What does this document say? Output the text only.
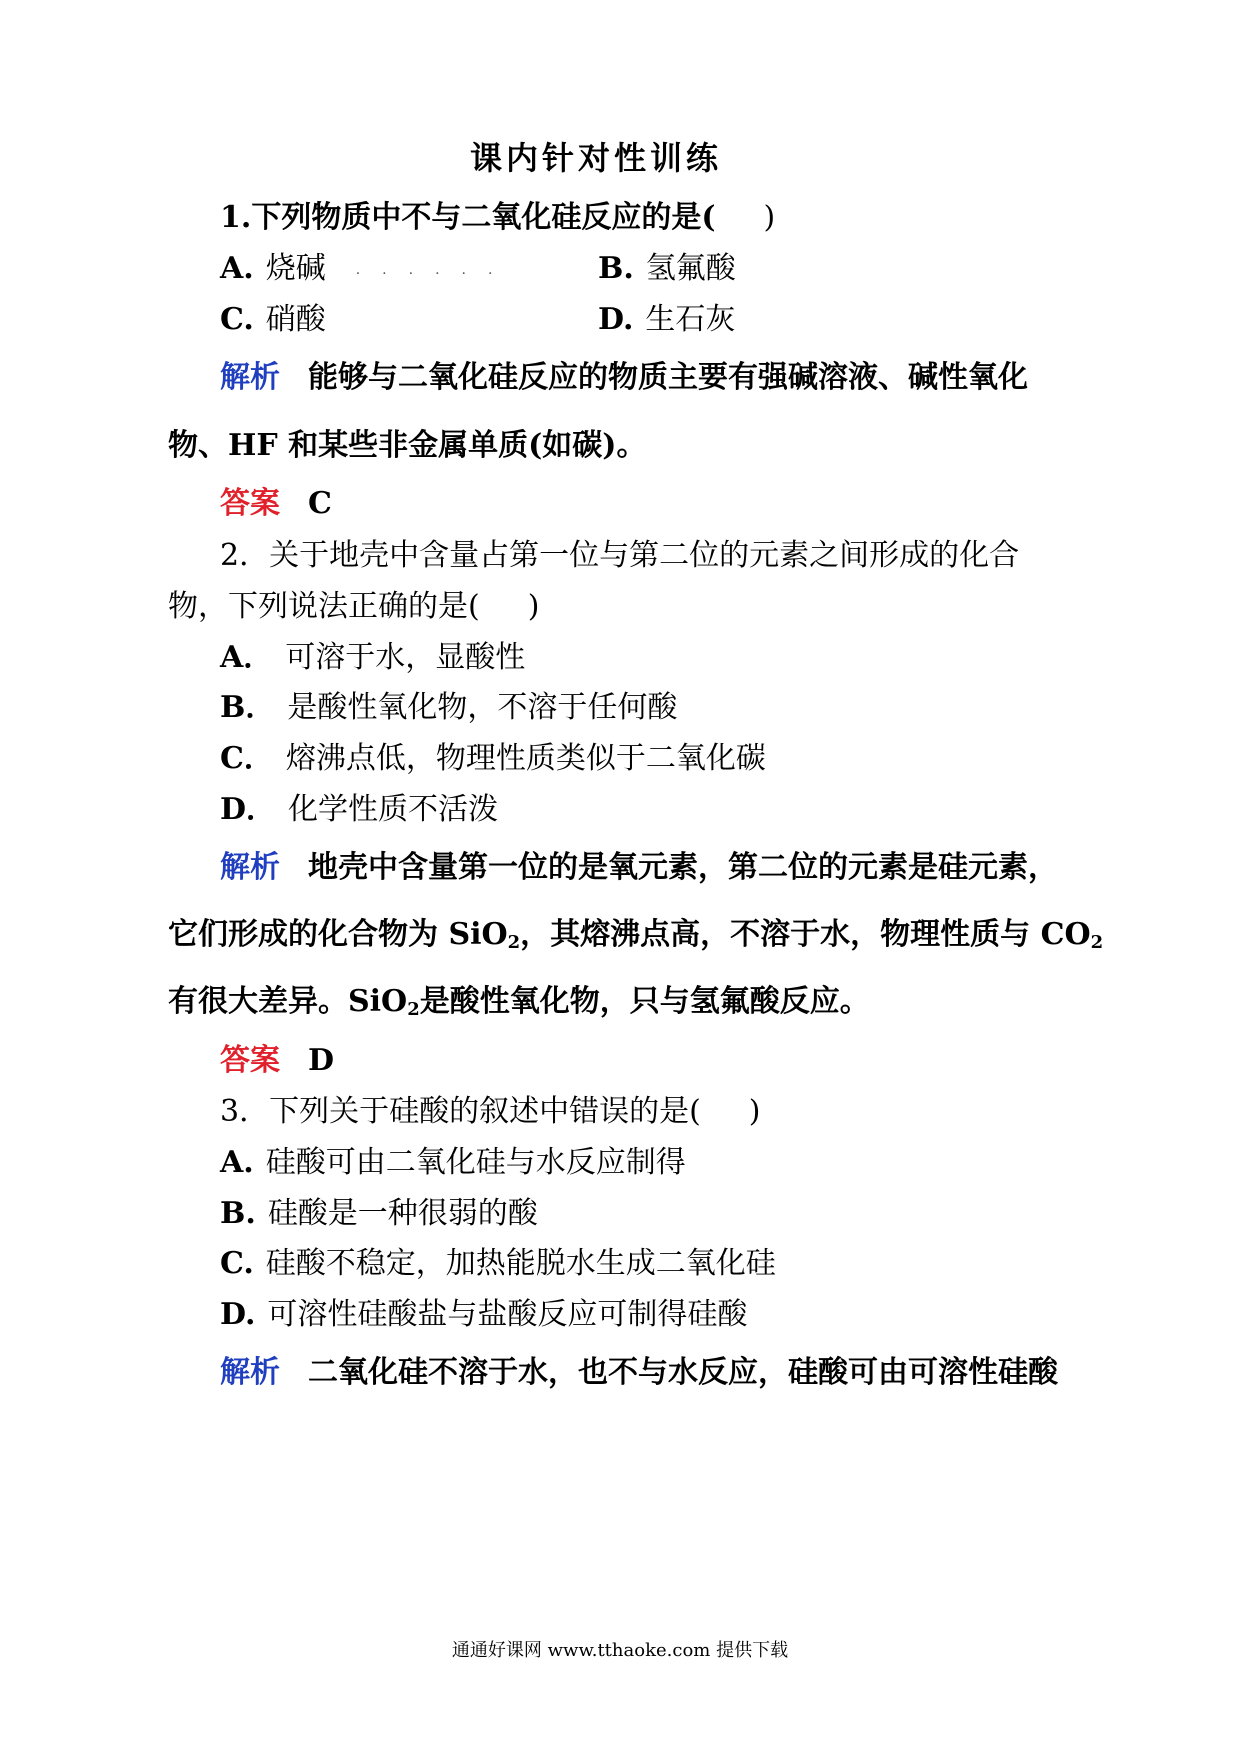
课内针对性训练
1.下列物质中不与二氧化硅反应的是( )
A. 烧碱 ......	B. 氢氟酸
C. 硝酸	D. 生石灰
解析 能够与二氧化硅反应的物质主要有强碱溶液、碱性氧化
物、HF 和某些非金属单质(如碳)。
答案 C
2．关于地壳中含量占第一位与第二位的元素之间形成的化合
物，下列说法正确的是( )
A． 可溶于水，显酸性
B． 是酸性氧化物，不溶于任何酸
C． 熔沸点低，物理性质类似于二氧化碳
D． 化学性质不活泼
解析 地壳中含量第一位的是氧元素，第二位的元素是硅元素，
它们形成的化合物为 SiO$_2$，其熔沸点高，不溶于水，物理性质与 $CO_2$
有很大差异。SiO$_2$是酸性氧化物，只与氢氟酸反应。
答案 D
3．下列关于硅酸的叙述中错误的是( )
A. 硅酸可由二氧化硅与水反应制得
B. 硅酸是一种很弱的酸
C. 硅酸不稳定，加热能脱水生成二氧化硅
D. 可溶性硅酸盐与盐酸反应可制得硅酸
解析 二氧化硅不溶于水，也不与水反应，硅酸可由可溶性硅酸
通通好课网 www.tthaoke.com 提供下载
